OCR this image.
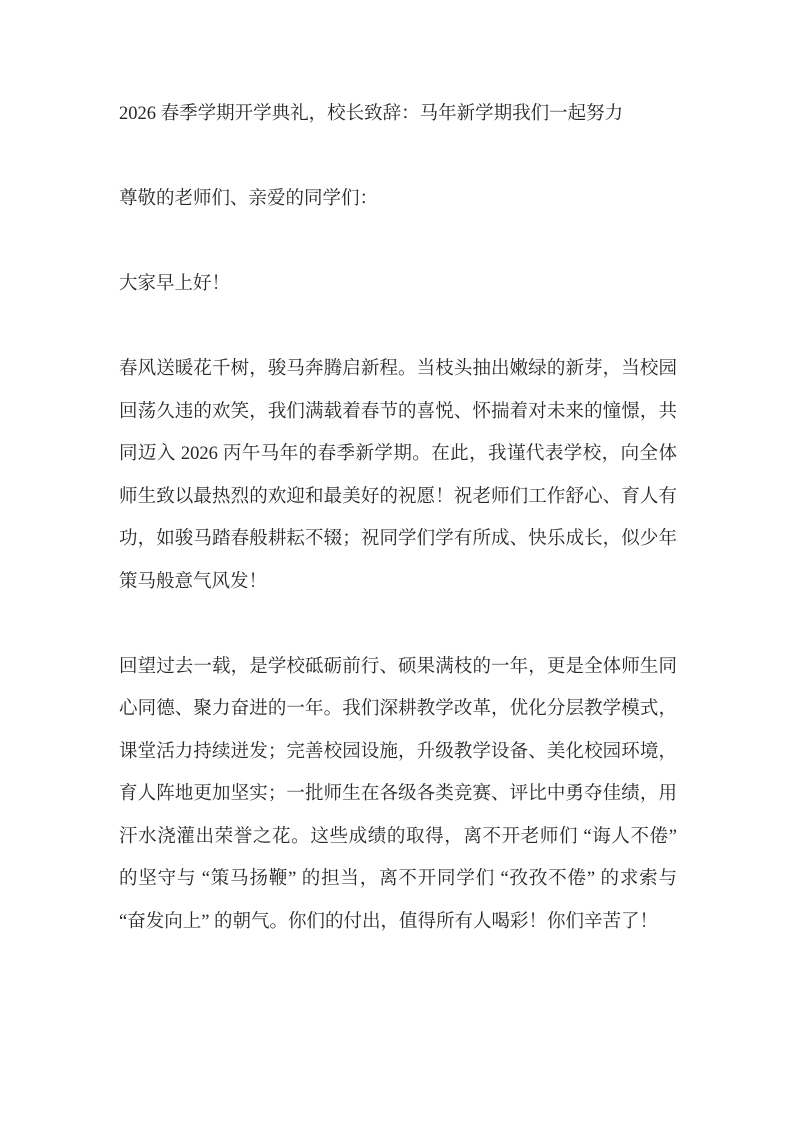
2026 春季学期开学典礼，校长致辞：马年新学期我们一起努力

尊敬的老师们、亲爱的同学们：

大家早上好！

春风送暖花千树，骏马奔腾启新程。当枝头抽出嫩绿的新芽，当校园回荡久违的欢笑，我们满载着春节的喜悦、怀揣着对未来的憧憬，共同迈入 2026 丙午马年的春季新学期。在此，我谨代表学校，向全体师生致以最热烈的欢迎和最美好的祝愿！祝老师们工作舒心、育人有功，如骏马踏春般耕耘不辍；祝同学们学有所成、快乐成长，似少年策马般意气风发！

回望过去一载，是学校砥砺前行、硕果满枝的一年，更是全体师生同心同德、聚力奋进的一年。我们深耕教学改革，优化分层教学模式，课堂活力持续迸发；完善校园设施，升级教学设备、美化校园环境，育人阵地更加坚实；一批师生在各级各类竞赛、评比中勇夺佳绩，用汗水浇灌出荣誉之花。这些成绩的取得，离不开老师们 “诲人不倦” 的坚守与 “策马扬鞭” 的担当，离不开同学们 “孜孜不倦” 的求索与 “奋发向上” 的朝气。你们的付出，值得所有人喝彩！你们辛苦了！
